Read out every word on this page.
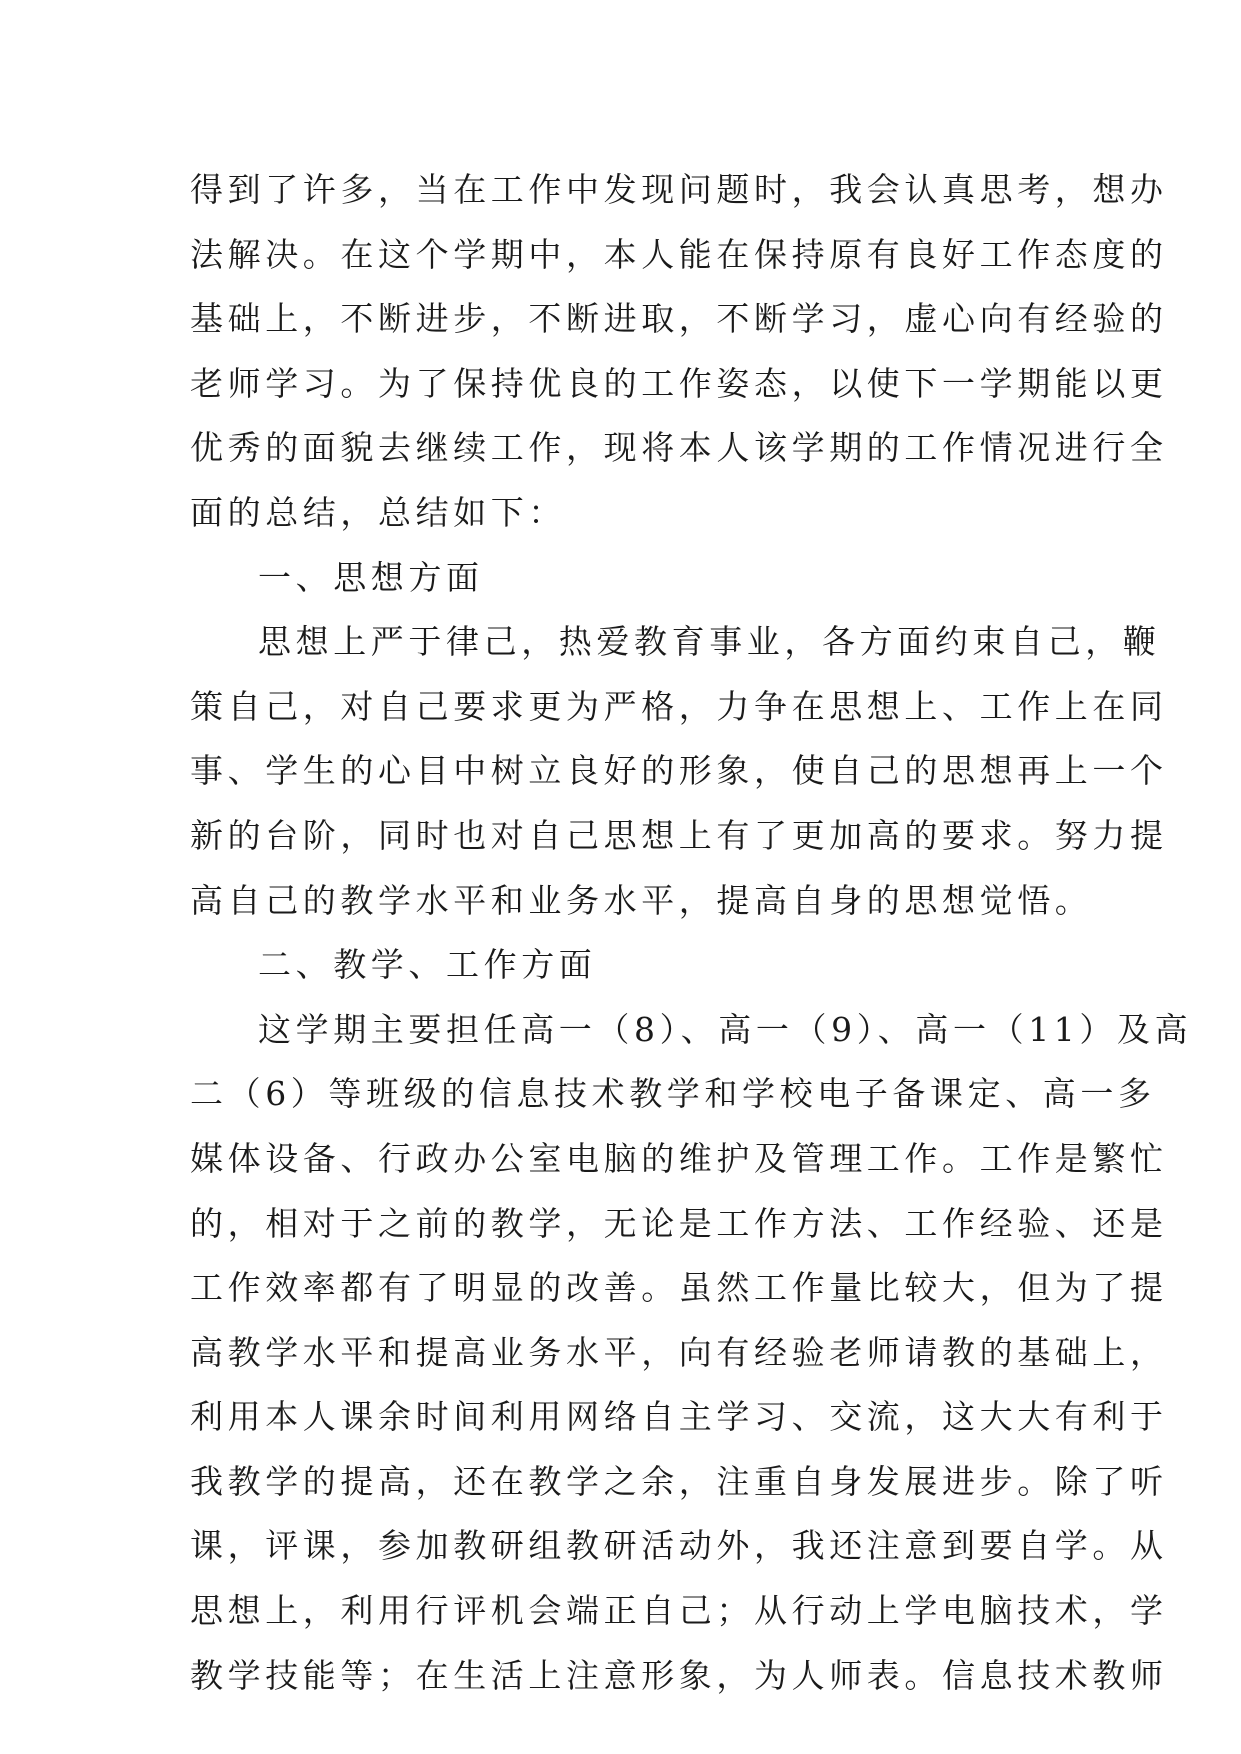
得到了许多，当在工作中发现问题时，我会认真思考，想办
法解决。在这个学期中，本人能在保持原有良好工作态度的
基础上，不断进步，不断进取，不断学习，虚心向有经验的
老师学习。为了保持优良的工作姿态，以使下一学期能以更
优秀的面貌去继续工作，现将本人该学期的工作情况进行全
面的总结，总结如下：
一、思想方面
思想上严于律己，热爱教育事业，各方面约束自己，鞭
策自己，对自己要求更为严格，力争在思想上、工作上在同
事、学生的心目中树立良好的形象，使自己的思想再上一个
新的台阶，同时也对自己思想上有了更加高的要求。努力提
高自己的教学水平和业务水平，提高自身的思想觉悟。
二、教学、工作方面
这学期主要担任高一（8）、高一（9）、高一（11）及高
二（6）等班级的信息技术教学和学校电子备课定、高一多
媒体设备、行政办公室电脑的维护及管理工作。工作是繁忙
的，相对于之前的教学，无论是工作方法、工作经验、还是
工作效率都有了明显的改善。虽然工作量比较大，但为了提
高教学水平和提高业务水平，向有经验老师请教的基础上，
利用本人课余时间利用网络自主学习、交流，这大大有利于
我教学的提高，还在教学之余，注重自身发展进步。除了听
课，评课，参加教研组教研活动外，我还注意到要自学。从
思想上，利用行评机会端正自己；从行动上学电脑技术，学
教学技能等；在生活上注意形象，为人师表。信息技术教师
